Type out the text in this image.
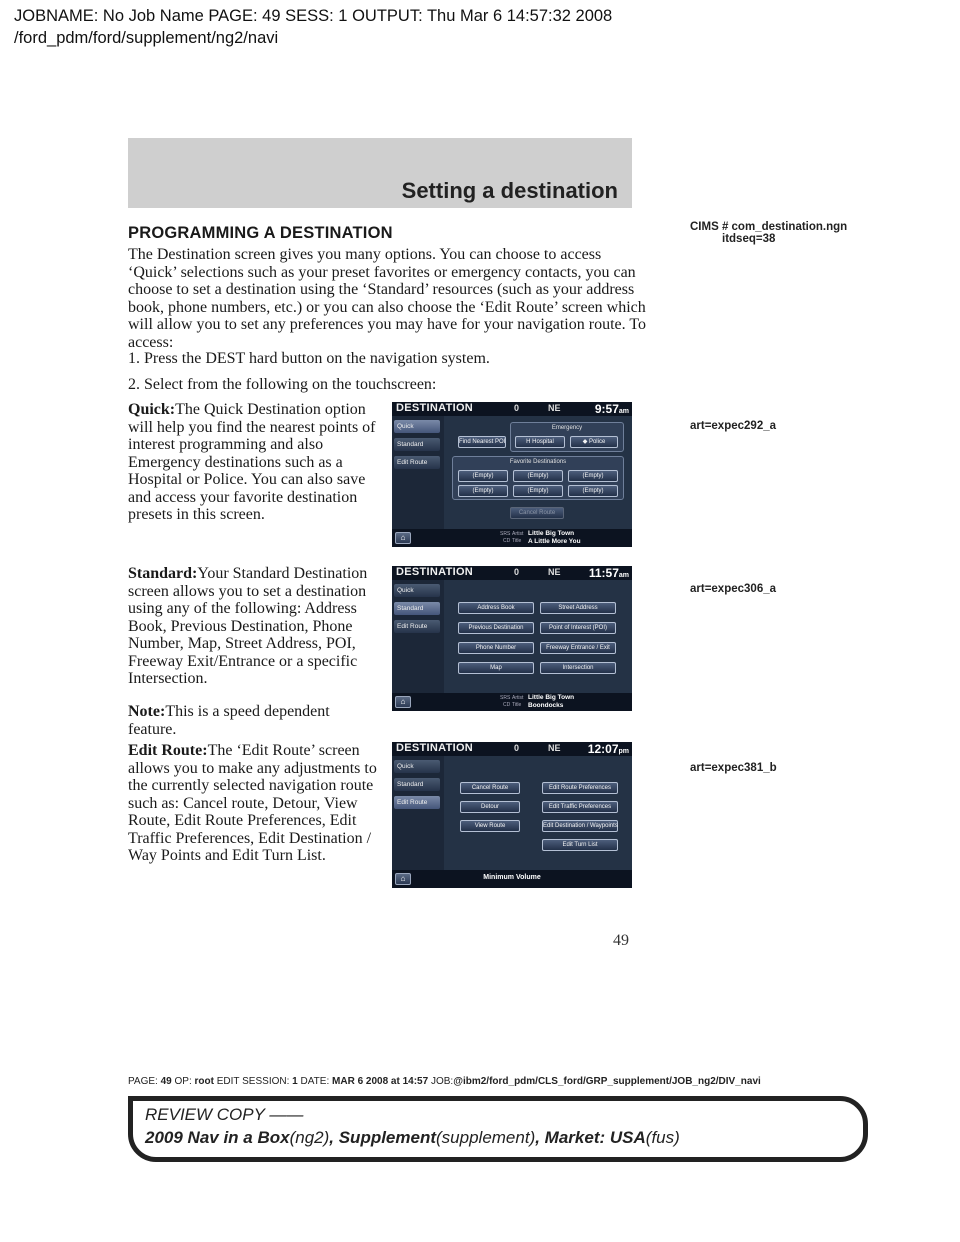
JOBNAME: No Job Name PAGE: 49 SESS: 1 OUTPUT: Thu Mar 6 14:57:32 2008
/ford_pdm/ford/supplement/ng2/navi
Setting a destination
CIMS # com_destination.ngn
itdseq=38
art=expec292_a
art=expec306_a
art=expec381_b
PROGRAMMING A DESTINATION
The Destination screen gives you many options. You can choose to access ‘Quick’ selections such as your preset favorites or emergency contacts, you can choose to set a destination using the ‘Standard’ resources (such as your address book, phone numbers, etc.) or you can also choose the ‘Edit Route’ screen which will allow you to set any preferences you may have for your navigation route. To access:
1. Press the DEST hard button on the navigation system.
2. Select from the following on the touchscreen:
Quick:The Quick Destination option will help you find the nearest points of interest programming and also Emergency destinations such as a Hospital or Police. You can also save and access your favorite destination presets in this screen.
Standard:Your Standard Destination screen allows you to set a destination using any of the following: Address Book, Previous Destination, Phone Number, Map, Street Address, POI, Freeway Exit/Entrance or a specific Intersection.
Note:This is a speed dependent feature.
Edit Route:The ‘Edit Route’ screen allows you to make any adjustments to the currently selected navigation route such as: Cancel route, Detour, View Route, Edit Route Preferences, Edit Traffic Preferences, Edit Destination / Way Points and Edit Turn List.
DESTINATION	0	NE	9:57am
Quick
Standard
Edit Route
Find Nearest POI
Emergency
H Hospital	◆ Police
Favorite Destinations
(Empty)	(Empty)	(Empty)
(Empty)	(Empty)	(Empty)
Cancel Route
⌂	SRS
CD
Artist
Title
Little Big Town
A Little More You
DESTINATION	0	NE 11:57am
Quick
Standard
Edit Route
Address Book	Street Address
Previous Destination	Point of Interest (POI)
Phone Number	Freeway Entrance / Exit
Map	Intersection
⌂	SRS
CD
Artist
Title
Little Big Town
Boondocks
DESTINATION	0	NE 12:07pm
Quick
Standard
Edit Route
Cancel Route	Edit Route Preferences
Detour	Edit Traffic Preferences
View Route	Edit Destination / Waypoints
Edit Turn List
⌂	Minimum Volume
49
PAGE: 49 OP: root EDIT SESSION: 1 DATE: MAR 6 2008 at 14:57 JOB:@ibm2/ford_pdm/CLS_ford/GRP_supplement/JOB_ng2/DIV_navi
REVIEW COPY ——
2009 Nav in a Box(ng2), Supplement(supplement), Market: USA(fus)
